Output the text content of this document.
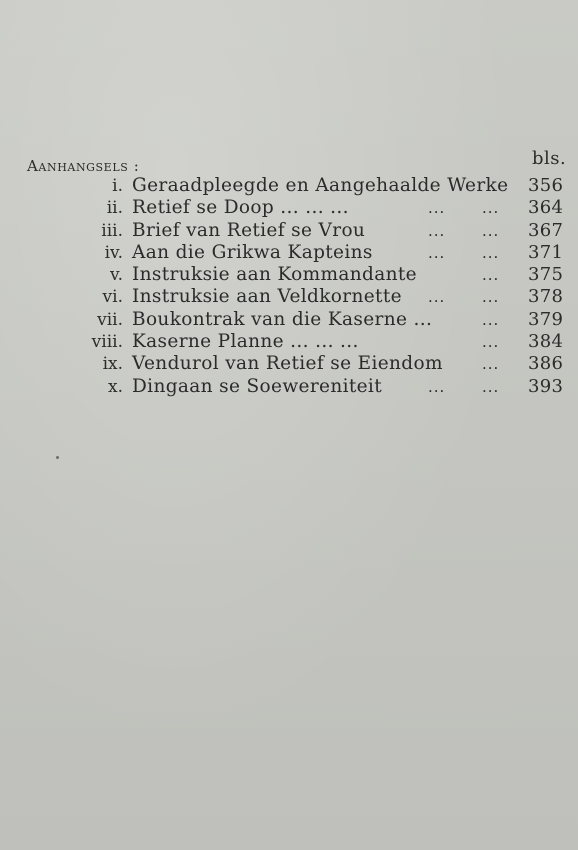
Aanhangsels :	bls.
i. Geraadpleegde en Aangehaalde Werke 356
ii. Retief se Doop ... ... ...	... ... 364
iii. Brief van Retief se Vrou	... ... 367
iv. Aan die Grikwa Kapteins	... ... 371
v. Instruksie aan Kommandante	... 375
vi. Instruksie aan Veldkornette ... ... 378
vii. Boukontrak van die Kaserne ...	... 379
viii. Kaserne Planne ... ... ...	... 384
ix. Vendurol van Retief se Eiendom	... 386
x. Dingaan se Soewereniteit	... ... 393
